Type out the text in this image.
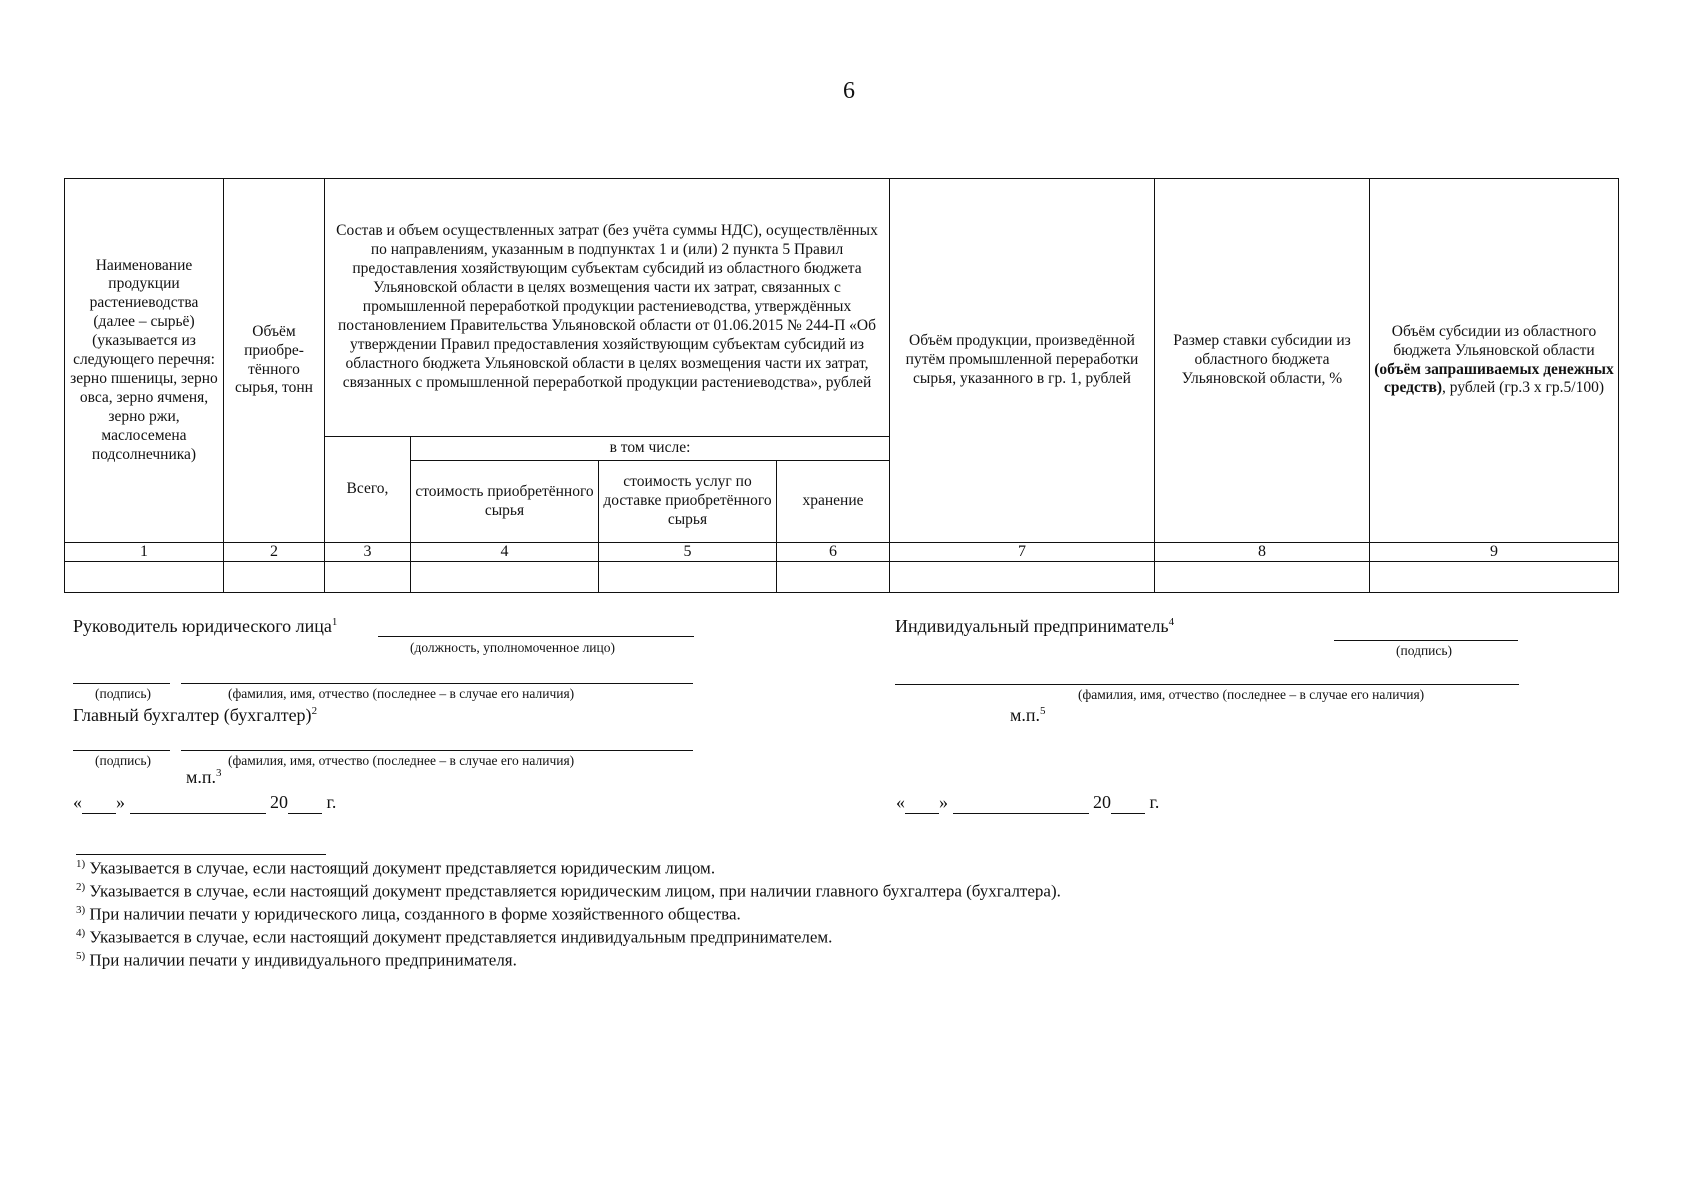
6
Наименование продукции растениеводства (далее – сырьё) (указывается из следующего перечня: зерно пшеницы, зерно овса, зерно ячменя, зерно ржи, маслосемена подсолнечника)	Объём приобре-тённого сырья, тонн	Состав и объем осуществленных затрат (без учёта суммы НДС), осуществлённых по направлениям, указанным в подпунктах 1 и (или) 2 пункта 5 Правил предоставления хозяйствующим субъектам субсидий из областного бюджета Ульяновской области в целях возмещения части их затрат, связанных с промышленной переработкой продукции растениеводства, утверждённых постановлением Правительства Ульяновской области от 01.06.2015 № 244-П «Об утверждении Правил предоставления хозяйствующим субъектам субсидий из областного бюджета Ульяновской области в целях возмещения части их затрат, связанных с промышленной переработкой продукции растениеводства», рублей				Объём продукции, произведённой путём промышленной переработки сырья, указанного в гр. 1, рублей	Размер ставки субсидии из областного бюджета Ульяновской области, %	Объём субсидии из областного бюджета Ульяновской области (объём запрашиваемых денежных средств), рублей (гр.3 х гр.5/100)
		Всего,	в том числе:					
			стоимость приобретённого сырья	стоимость услуг по доставке приобретённого сырья	хранение			
1	2	3	4	5	6	7	8	9

Руководитель юридического лица$^1$
(должность, уполномоченное лицо)
(подпись)	(фамилия, имя, отчество (последнее – в случае его наличия)
Главный бухгалтер (бухгалтер)$^2$
(подпись)	(фамилия, имя, отчество (последнее – в случае его наличия)
м.п.$^3$
« »	20 г.
Индивидуальный предприниматель$^4$
(подпись)
(фамилия, имя, отчество (последнее – в случае его наличия)
м.п.$^5$
« »	20 г.
$^{1)}$ Указывается в случае, если настоящий документ представляется юридическим лицом.
$^{2)}$ Указывается в случае, если настоящий документ представляется юридическим лицом, при наличии главного бухгалтера (бухгалтера).
$^{3)}$ При наличии печати у юридического лица, созданного в форме хозяйственного общества.
$^{4)}$ Указывается в случае, если настоящий документ представляется индивидуальным предпринимателем.
$^{5)}$ При наличии печати у индивидуального предпринимателя.
